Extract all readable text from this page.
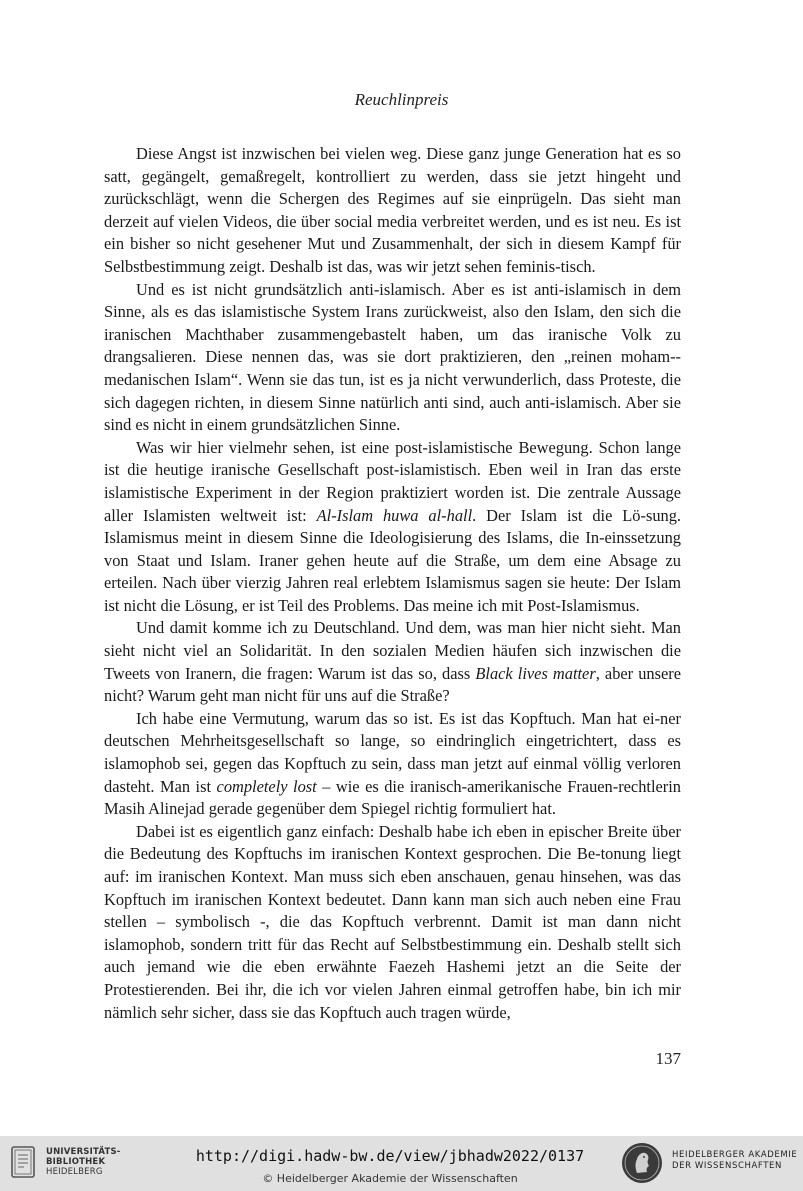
Reuchlinpreis

Diese Angst ist inzwischen bei vielen weg. Diese ganz junge Generation hat es so satt, gegängelt, gemaßregelt, kontrolliert zu werden, dass sie jetzt hingeht und zurückschlägt, wenn die Schergen des Regimes auf sie einprügeln. Das sieht man derzeit auf vielen Videos, die über social media verbreitet werden, und es ist neu. Es ist ein bisher so nicht gesehener Mut und Zusammenhalt, der sich in diesem Kampf für Selbstbestimmung zeigt. Deshalb ist das, was wir jetzt sehen feminis-tisch.

Und es ist nicht grundsätzlich anti-islamisch. Aber es ist anti-islamisch in dem Sinne, als es das islamistische System Irans zurückweist, also den Islam, den sich die iranischen Machthaber zusammengebastelt haben, um das iranische Volk zu drangsalieren. Diese nennen das, was sie dort praktizieren, den „reinen moham-medanischen Islam“. Wenn sie das tun, ist es ja nicht verwunderlich, dass Proteste, die sich dagegen richten, in diesem Sinne natürlich anti sind, auch anti-islamisch. Aber sie sind es nicht in einem grundsätzlichen Sinne.

Was wir hier vielmehr sehen, ist eine post-islamistische Bewegung. Schon lange ist die heutige iranische Gesellschaft post-islamistisch. Eben weil in Iran das erste islamistische Experiment in der Region praktiziert worden ist. Die zentrale Aussage aller Islamisten weltweit ist: Al-Islam huwa al-hall. Der Islam ist die Lö-sung. Islamismus meint in diesem Sinne die Ideologisierung des Islams, die In-einssetzung von Staat und Islam. Iraner gehen heute auf die Straße, um dem eine Absage zu erteilen. Nach über vierzig Jahren real erlebtem Islamismus sagen sie heute: Der Islam ist nicht die Lösung, er ist Teil des Problems. Das meine ich mit Post-Islamismus.

Und damit komme ich zu Deutschland. Und dem, was man hier nicht sieht. Man sieht nicht viel an Solidarität. In den sozialen Medien häufen sich inzwischen die Tweets von Iranern, die fragen: Warum ist das so, dass Black lives matter, aber unsere nicht? Warum geht man nicht für uns auf die Straße?

Ich habe eine Vermutung, warum das so ist. Es ist das Kopftuch. Man hat ei-ner deutschen Mehrheitsgesellschaft so lange, so eindringlich eingetrichtert, dass es islamophob sei, gegen das Kopftuch zu sein, dass man jetzt auf einmal völlig verloren dasteht. Man ist completely lost – wie es die iranisch-amerikanische Frauen-rechtlerin Masih Alinejad gerade gegenüber dem Spiegel richtig formuliert hat.

Dabei ist es eigentlich ganz einfach: Deshalb habe ich eben in epischer Breite über die Bedeutung des Kopftuchs im iranischen Kontext gesprochen. Die Be-tonung liegt auf: im iranischen Kontext. Man muss sich eben anschauen, genau hinsehen, was das Kopftuch im iranischen Kontext bedeutet. Dann kann man sich auch neben eine Frau stellen – symbolisch -, die das Kopftuch verbrennt. Damit ist man dann nicht islamophob, sondern tritt für das Recht auf Selbstbestimmung ein. Deshalb stellt sich auch jemand wie die eben erwähnte Faezeh Hashemi jetzt an die Seite der Protestierenden. Bei ihr, die ich vor vielen Jahren einmal getroffen habe, bin ich mir nämlich sehr sicher, dass sie das Kopftuch auch tragen würde,

137
UNIVERSITÄTS-
BIBLIOTHEK
HEIDELBERG
http://digi.hadw-bw.de/view/jbhadw2022/0137
© Heidelberger Akademie der Wissenschaften
HEIDELBERGER AKADEMIE
DER WISSENSCHAFTEN
